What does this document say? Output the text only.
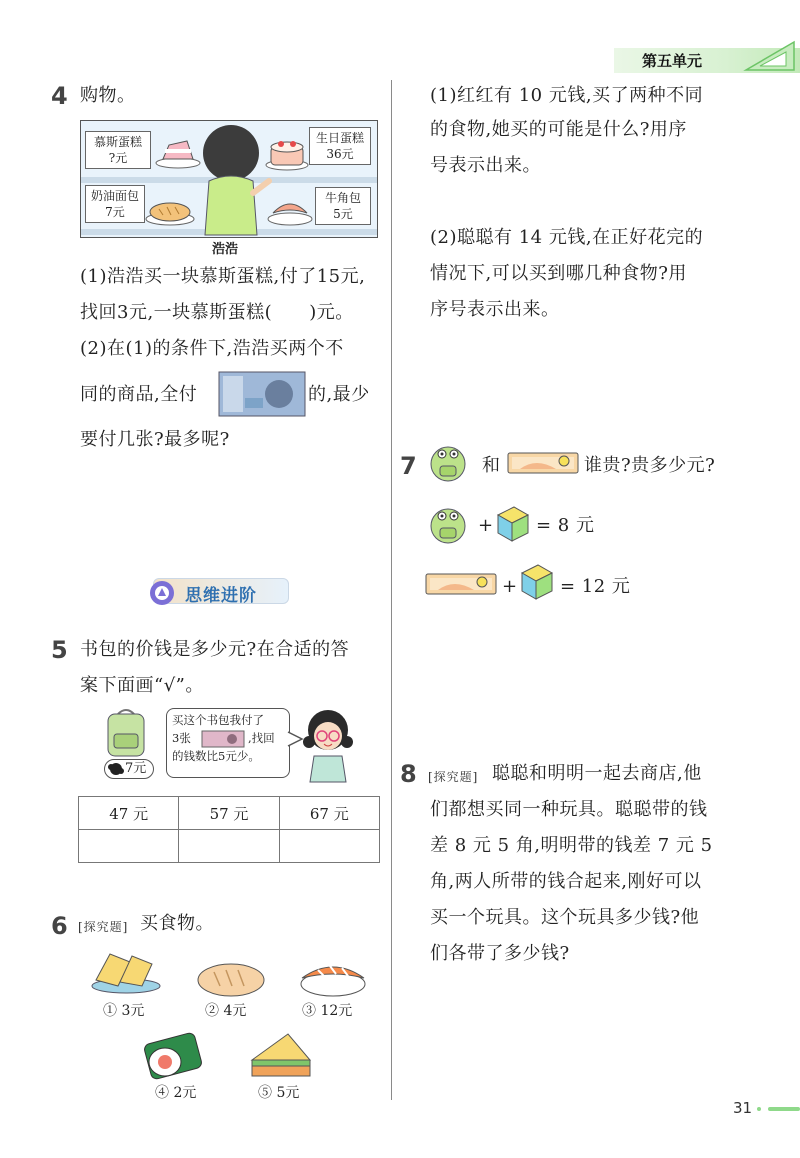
第五单元
4 购物。
慕斯蛋糕
?元
生日蛋糕
36元
奶油面包
7元
牛角包
5元
浩浩
(1)浩浩买一块慕斯蛋糕,付了15元,
找回3元,一块慕斯蛋糕(　　)元。
(2)在(1)的条件下,浩浩买两个不
同的商品,全付	的,最少
要付几张?最多呢?
思维进阶
5 书包的价钱是多少元?在合适的答
案下面画“√”。
7元
买这个书包我付了
3张	,找回
的钱数比5元少。
47 元	57 元	67 元

6 [探究题] 买食物。
① 3元	② 4元	③ 12元
④ 2元	⑤ 5元
(1)红红有 10 元钱,买了两种不同
的食物,她买的可能是什么?用序
号表示出来。
(2)聪聪有 14 元钱,在正好花完的
情况下,可以买到哪几种食物?用
序号表示出来。
7	和	谁贵?贵多少元?
+ = 8 元
+ = 12 元
8 [探究题] 聪聪和明明一起去商店,他
们都想买同一种玩具。聪聪带的钱
差 8 元 5 角,明明带的钱差 7 元 5
角,两人所带的钱合起来,刚好可以
买一个玩具。这个玩具多少钱?他
们各带了多少钱?
31
